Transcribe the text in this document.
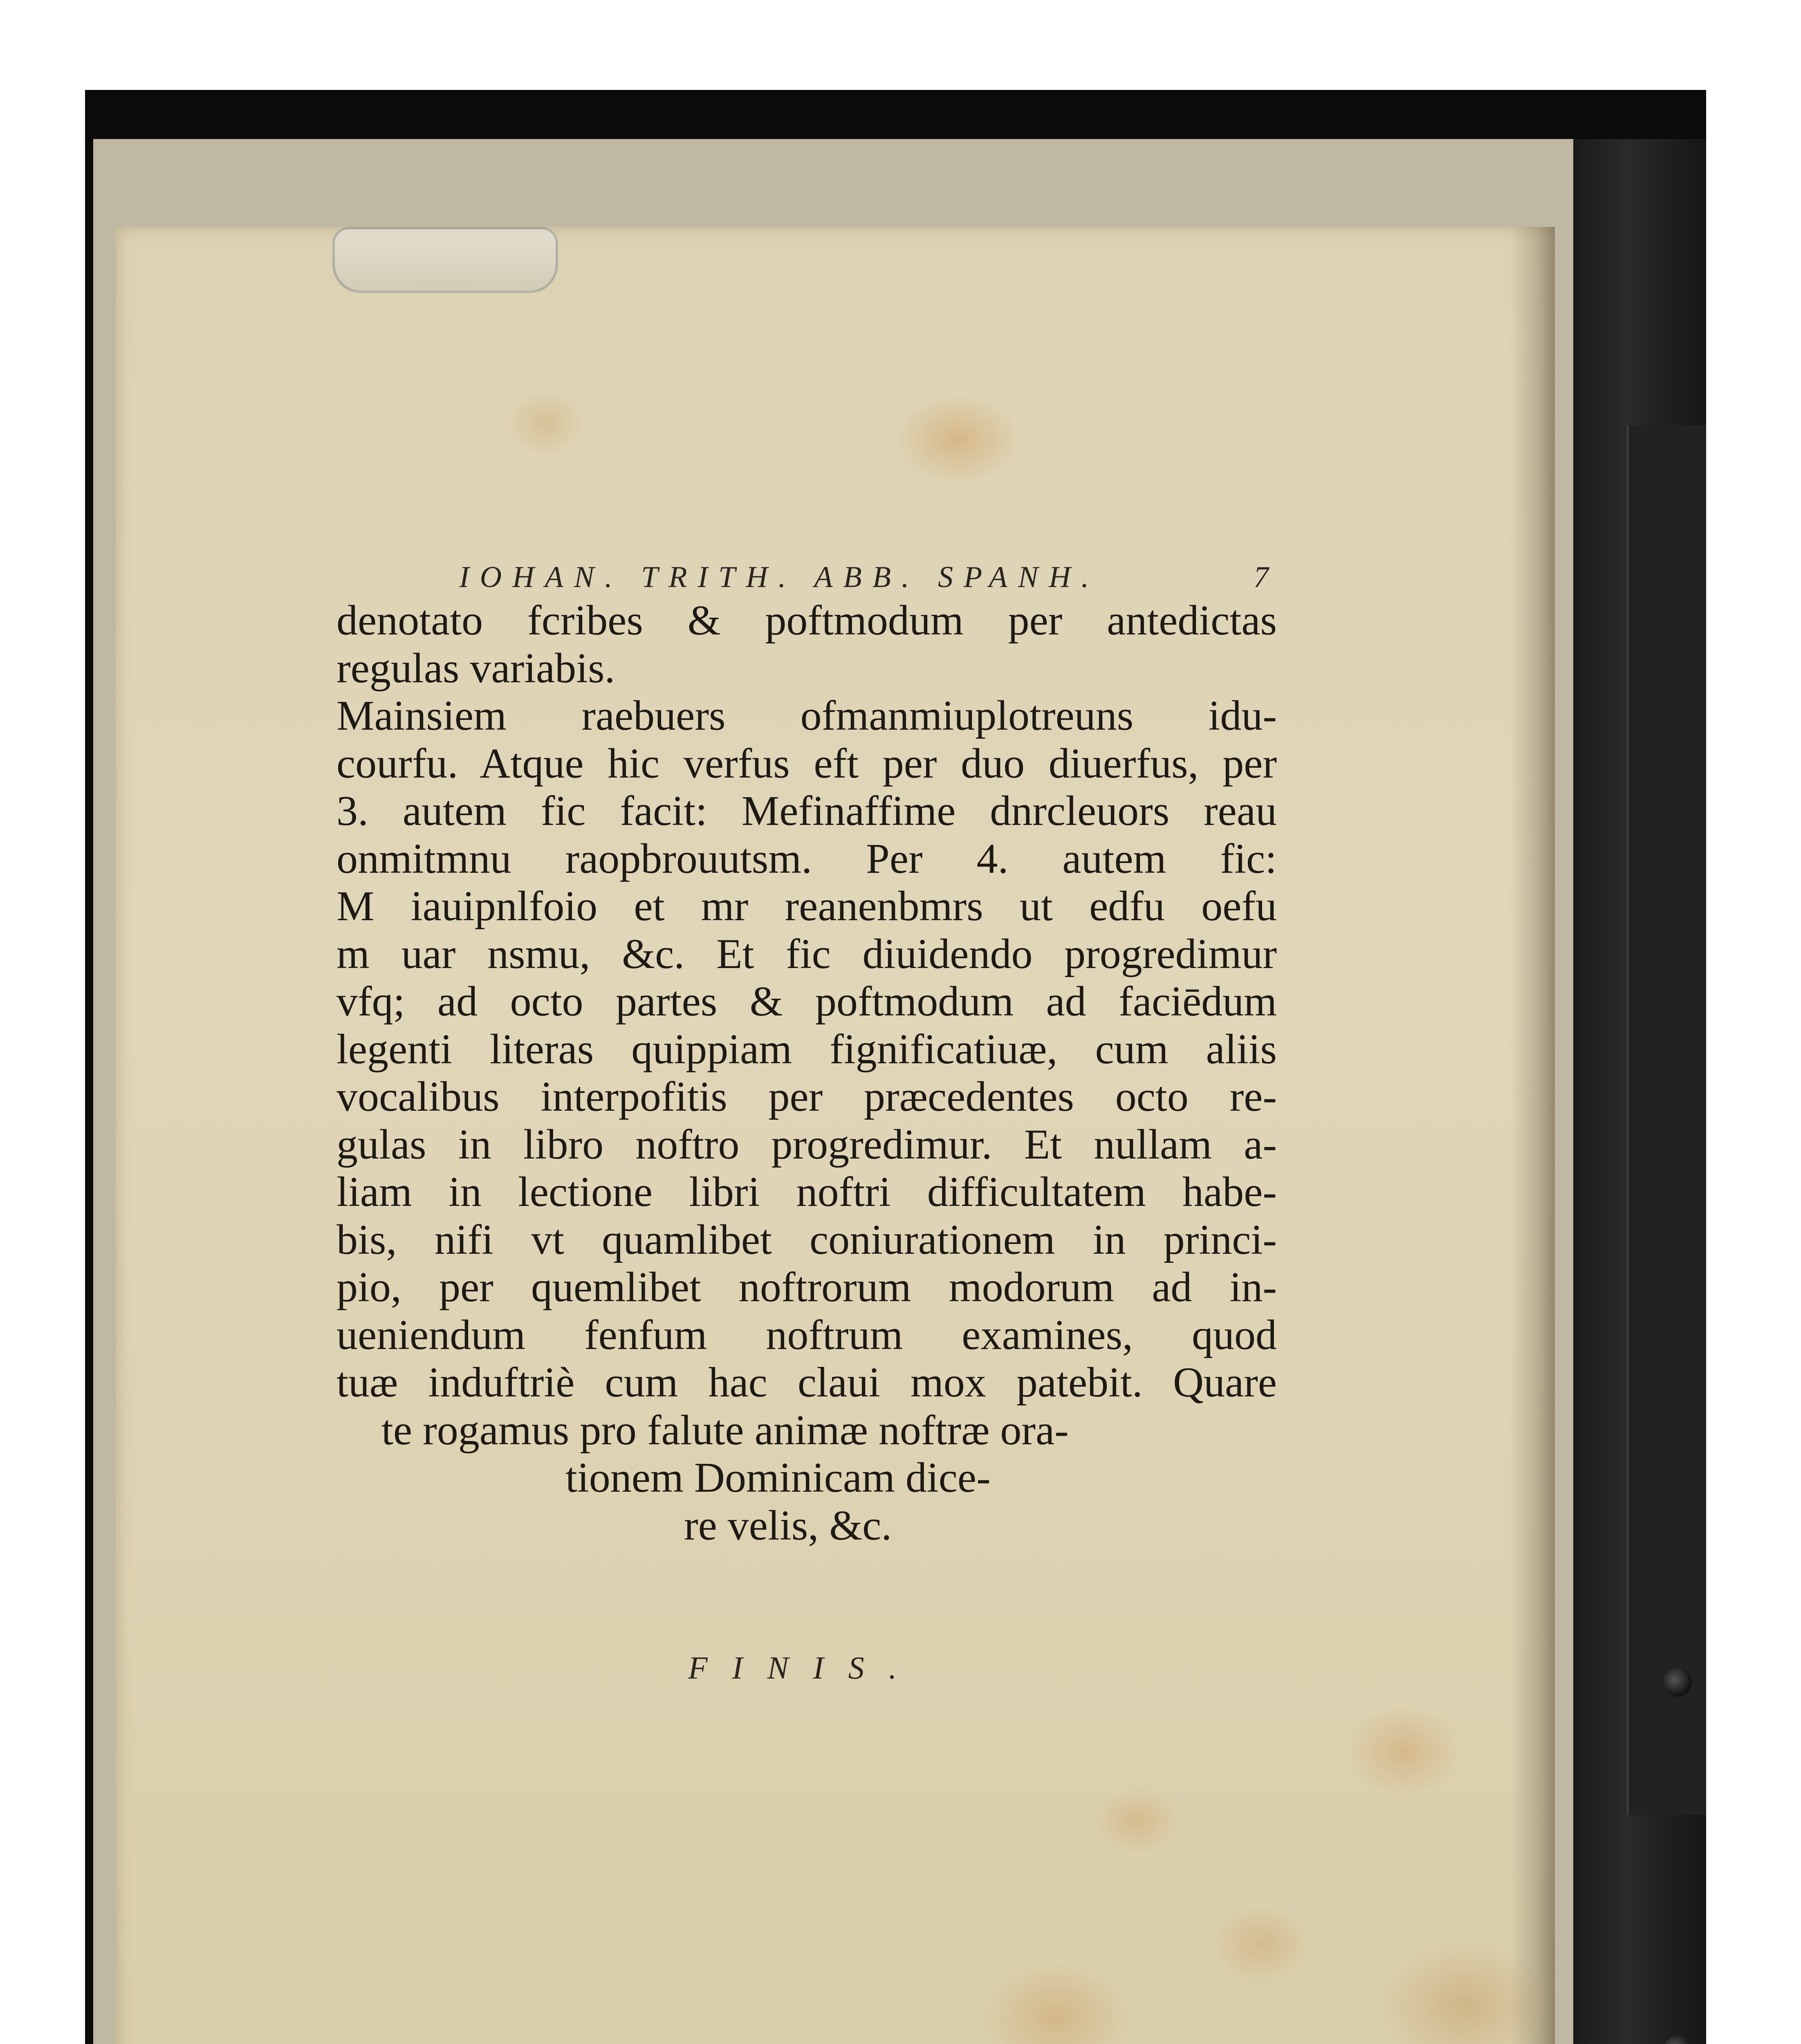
IOHAN. TRITH. ABB. SPANH.	7
denotato fcribes & poftmodum per antedictas
regulas variabis.
Mainsiem raebuers ofmanmiuplotreuns idu-
courfu. Atque hic verfus eft per duo diuerfus, per
3. autem fic facit: Mefinaffime dnrcleuors reau
onmitmnu raopbrouutsm. Per 4. autem fic:
M iauipnlfoio et mr reanenbmrs ut edfu oefu
m uar nsmu, &c. Et fic diuidendo progredimur
vfq; ad octo partes & poftmodum ad faciēdum
legenti literas quippiam fignificatiuæ, cum aliis
vocalibus interpofitis per præcedentes octo re-
gulas in libro noftro progredimur. Et nullam a-
liam in lectione libri noftri difficultatem habe-
bis, nifi vt quamlibet coniurationem in princi-
pio, per quemlibet noftrorum modorum ad in-
ueniendum fenfum noftrum examines, quod
tuæ induftriè cum hac claui mox patebit. Quare
te rogamus pro falute animæ noftræ ora-
tionem Dominicam dice-
re velis, &c.
FINIS.
